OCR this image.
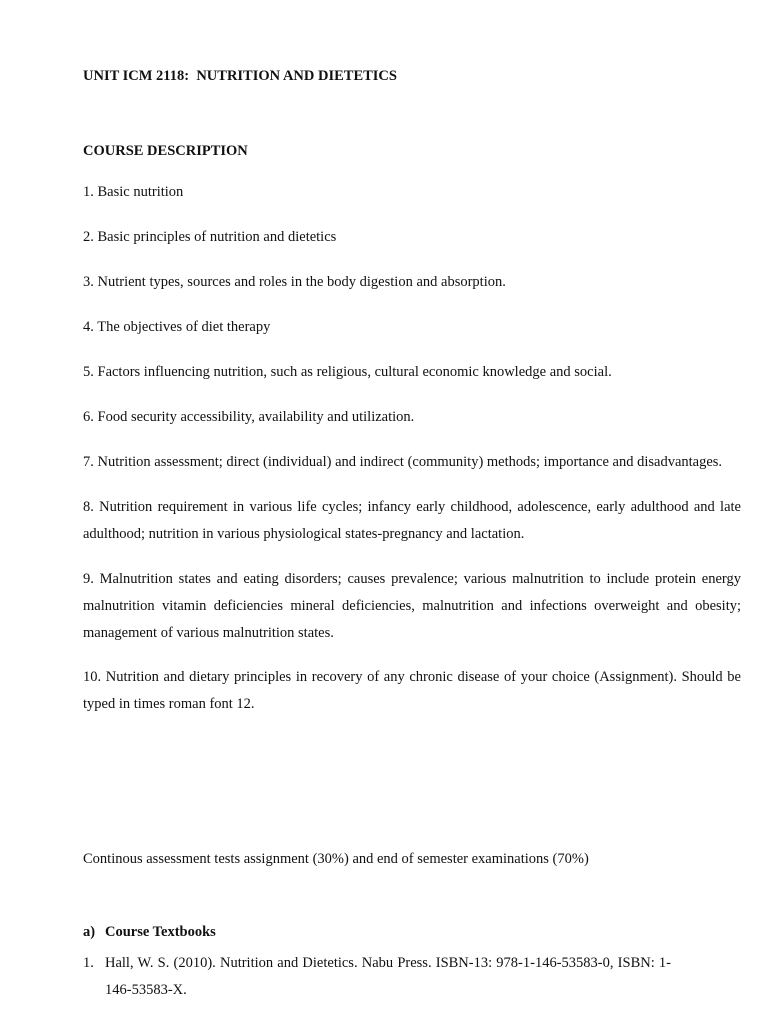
UNIT ICM 2118:  NUTRITION AND DIETETICS
COURSE DESCRIPTION
1. Basic nutrition
2. Basic principles of nutrition and dietetics
3. Nutrient types, sources and roles in the body digestion and absorption.
4. The objectives of diet therapy
5. Factors influencing nutrition, such as religious, cultural economic knowledge and social.
6. Food security accessibility, availability and utilization.
7. Nutrition assessment; direct (individual) and indirect (community) methods; importance and disadvantages.
8. Nutrition requirement in various life cycles; infancy early childhood, adolescence, early adulthood and late adulthood; nutrition in various physiological states-pregnancy and lactation.
9. Malnutrition states and eating disorders; causes prevalence; various malnutrition to include protein energy malnutrition vitamin deficiencies mineral deficiencies, malnutrition and infections overweight and obesity; management of various malnutrition states.
10. Nutrition and dietary principles in recovery of any chronic disease of your choice (Assignment). Should be typed in times roman font 12.
Continous assessment tests assignment (30%) and end of semester examinations (70%)
a) Course Textbooks
1. Hall, W. S. (2010). Nutrition and Dietetics. Nabu Press. ISBN-13: 978-1-146-53583-0, ISBN: 1-146-53583-X.
